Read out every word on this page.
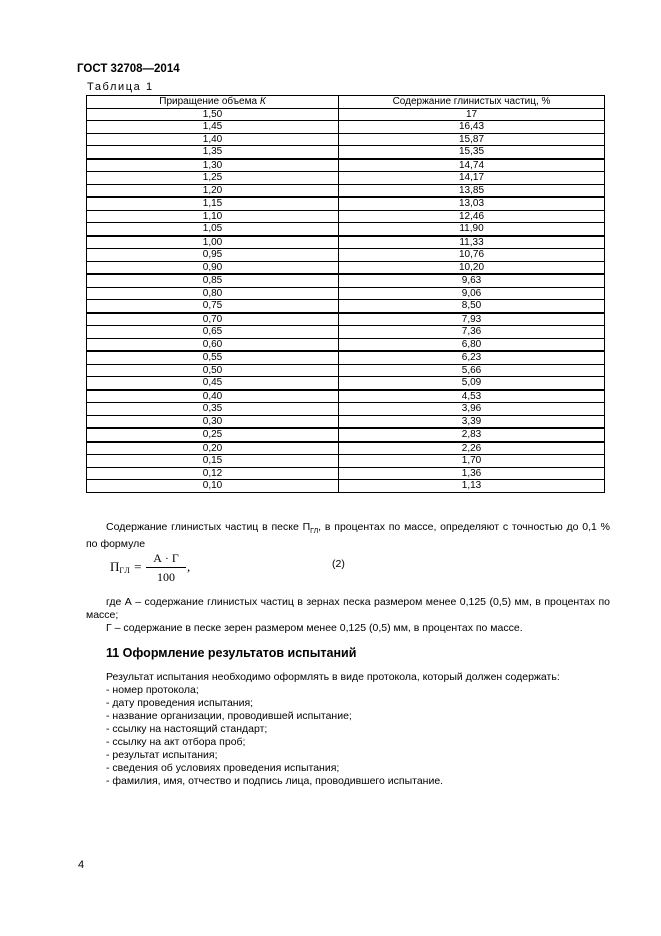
ГОСТ 32708—2014
Таблица 1
Приращение объема К	Содержание глинистых частиц, %
1,50	17
1,45	16,43
1,40	15,87
1,35	15,35
1,30	14,74
1,25	14,17
1,20	13,85
1,15	13,03
1,10	12,46
1,05	11,90
1,00	11,33
0,95	10,76
0,90	10,20
0,85	9,63
0,80	9,06
0,75	8,50
0,70	7,93
0,65	7,36
0,60	6,80
0,55	6,23
0,50	5,66
0,45	5,09
0,40	4,53
0,35	3,96
0,30	3,39
0,25	2,83
0,20	2,26
0,15	1,70
0,12	1,36
0,10	1,13
Содержание глинистых частиц в песке $П_{ГЛ}$, в процентах по массе, определяют с точностью до 0,1 % по формуле
$П_{ГЛ}$ =
А · Г
100
,	(2)
где А – содержание глинистых частиц в зернах песка размером менее 0,125 (0,5) мм, в процентах по массе;
Г – содержание в песке зерен размером менее 0,125 (0,5) мм, в процентах по массе.
11 Оформление результатов испытаний
Результат испытания необходимо оформлять в виде протокола, который должен содержать:
- номер протокола;
- дату проведения испытания;
- название организации, проводившей испытание;
- ссылку на настоящий стандарт;
- ссылку на акт отбора проб;
- результат испытания;
- сведения об условиях проведения испытания;
- фамилия, имя, отчество и подпись лица, проводившего испытание.
4
